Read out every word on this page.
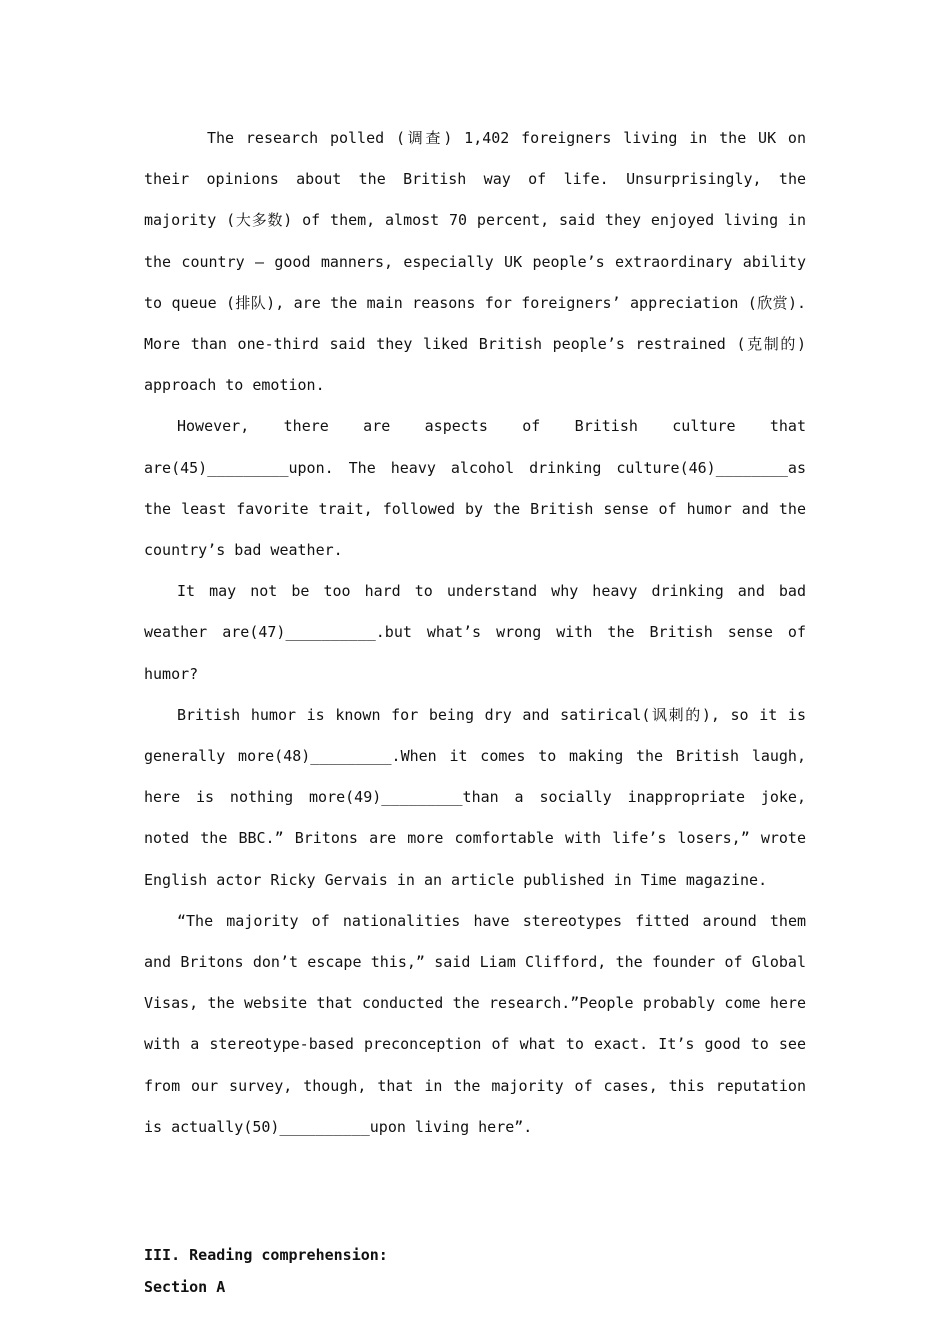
The research polled (调查) 1,402 foreigners living in the UK on their opinions about the British way of life. Unsurprisingly, the majority (大多数) of them, almost 70 percent, said they enjoyed living in the country – good manners, especially UK people’s extraordinary ability to queue (排队), are the main reasons for foreigners’ appreciation (欣赏). More than one-third said they liked British people’s restrained (克制的) approach to emotion.

However, there are aspects of British culture that are(45)_________upon. The heavy alcohol drinking culture(46)________as the least favorite trait, followed by the British sense of humor and the country’s bad weather.

It may not be too hard to understand why heavy drinking and bad weather are(47)__________.but what’s wrong with the British sense of humor?

British humor is known for being dry and satirical(讽刺的), so it is generally more(48)_________.When it comes to making the British laugh, here is nothing more(49)_________than a socially inappropriate joke, noted the BBC.” Britons are more comfortable with life’s losers,” wrote English actor Ricky Gervais in an article published in Time magazine.

“The majority of nationalities have stereotypes fitted around them and Britons don’t escape this,” said Liam Clifford, the founder of Global Visas, the website that conducted the research.”People probably come here with a stereotype-based preconception of what to exact. It’s good to see from our survey, though, that in the majority of cases, this reputation is actually(50)__________upon living here”.

III. Reading comprehension:
Section A
